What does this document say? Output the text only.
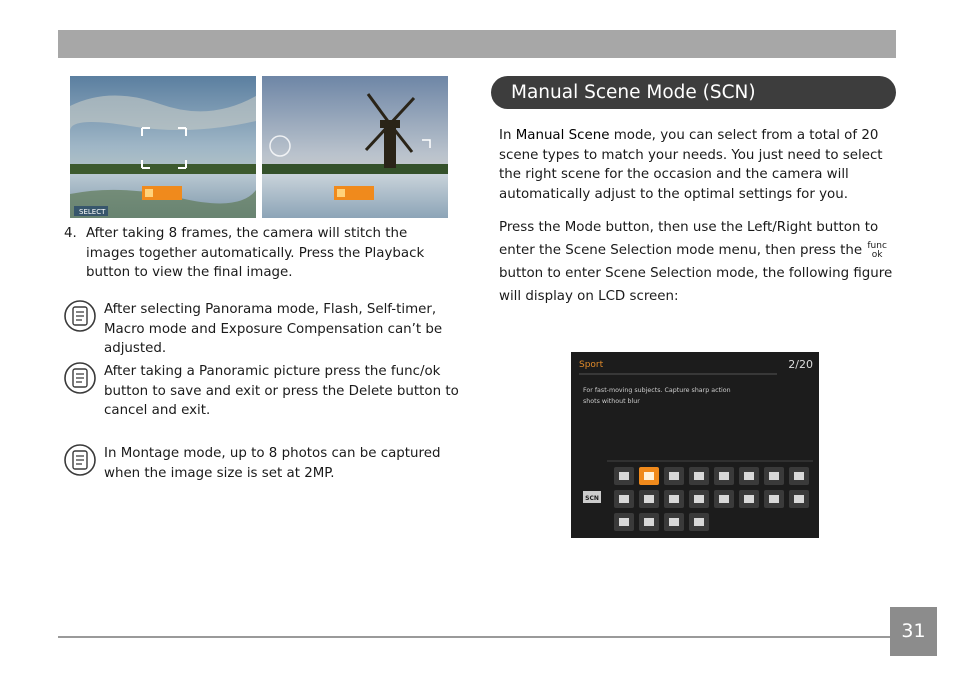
SELECT
4. After taking 8 frames, the camera will stitch the images together automatically. Press the Playback button to view the final image.
After selecting Panorama mode, Flash, Self-timer, Macro mode and Exposure Compensation can’t be adjusted.
After taking a Panoramic picture press the func/ok button to save and exit or press the Delete button to cancel and exit.
In Montage mode, up to 8 photos can be captured when the image size is set at 2MP.
Manual Scene Mode (SCN)
In Manual Scene mode, you can select from a total of 20 scene types to match your needs. You just need to select the right scene for the occasion and the camera will automatically adjust to the optimal settings for you.
Press the Mode button, then use the Left/Right button to enter the Scene Selection mode menu, then press the func
ok button to enter Scene Selection mode, the following figure will display on LCD screen:
Sport	2/20
For fast-moving subjects. Capture sharp action
shots without blur
SCN
31
